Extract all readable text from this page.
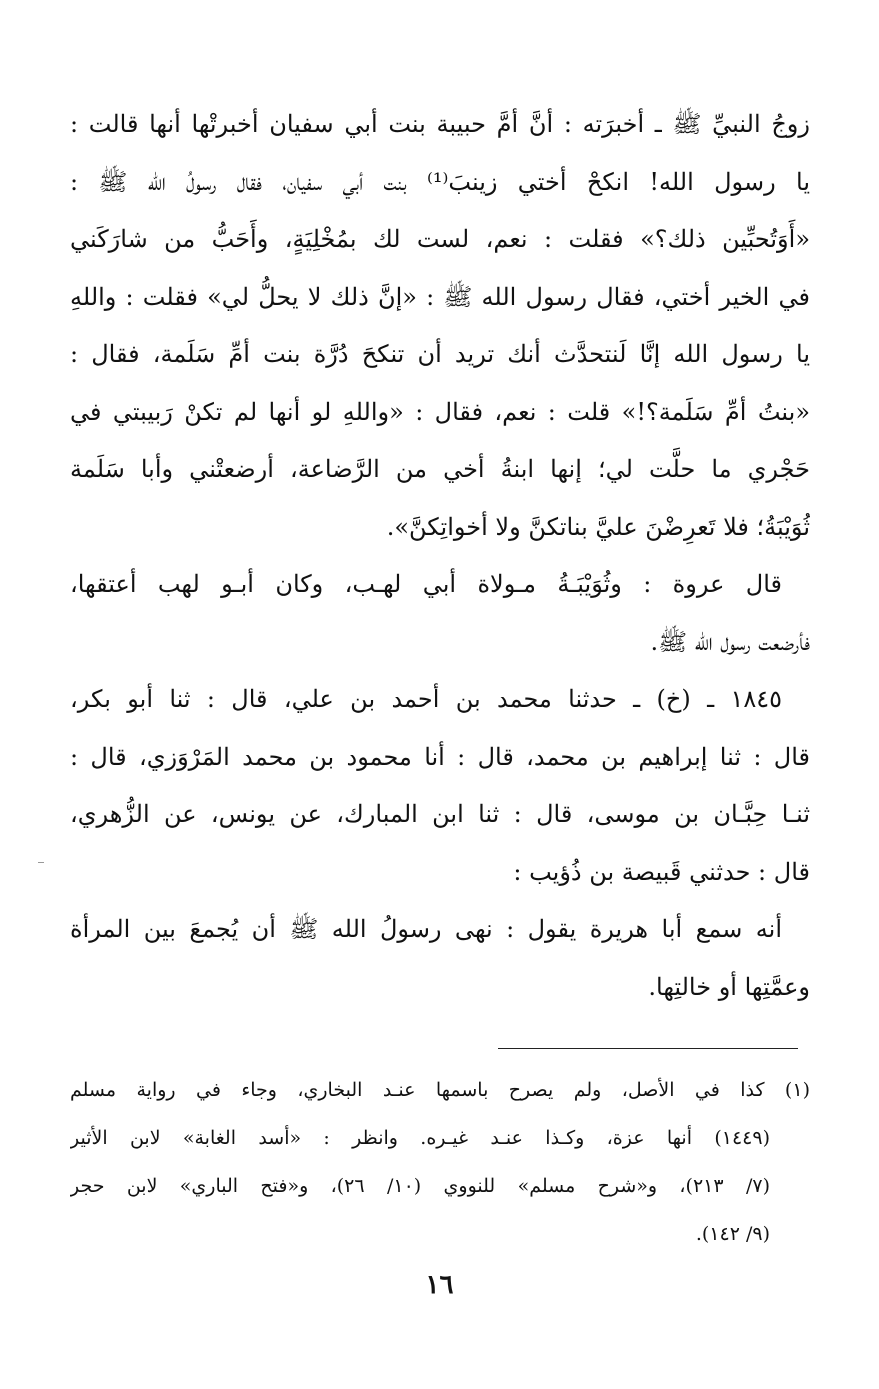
زوجُ النبيِّ ﷺ ـ أخبرَته : أنَّ أمَّ حبيبة بنت أبي سفيان أخبرتْها أنها قالت :
يا رسول الله! انكحْ أختي زينبَ⁽¹⁾ بنت أبي سفيان، فقال رسولُ الله ﷺ :
«أَوَتُحبِّين ذلك؟» فقلت : نعم، لست لك بمُخْلِيَةٍ، وأَحَبُّ من شارَكَني
في الخير أختي، فقال رسول الله ﷺ : «إنَّ ذلك لا يحلُّ لي» فقلت : واللهِ
يا رسول الله إنَّا لَنتحدَّث أنك تريد أن تنكحَ دُرَّة بنت أمِّ سَلَمة، فقال :
«بنتُ أمِّ سَلَمة؟!» قلت : نعم، فقال : «واللهِ لو أنها لم تكنْ رَبيبتي في
حَجْري ما حلَّت لي؛ إنها ابنةُ أخي من الرَّضاعة، أرضعتْني وأبا سَلَمة
ثُوَيْبَةُ؛ فلا تَعرِضْنَ عليَّ بناتكنَّ ولا أخواتِكنَّ».
قال عروة : وثُوَيْبَـةُ مـولاة أبي لهـب، وكان أبـو لهب أعتقها،
فأرضعت رسول الله ﷺ.
١٨٤٥ ـ (خ) ـ حدثنا محمد بن أحمد بن علي، قال : ثنا أبو بكر،
قال : ثنا إبراهيم بن محمد، قال : أنا محمود بن محمد المَرْوَزي، قال :
ثنـا حِبَّـان بن موسى، قال : ثنا ابن المبارك، عن يونس، عن الزُّهري،
قال : حدثني قَبيصة بن ذُؤيب :
أنه سمع أبا هريرة يقول : نهى رسولُ الله ﷺ أن يُجمعَ بين المرأة
وعمَّتِها أو خالتِها.
(١) كذا في الأصل، ولم يصرح باسمها عنـد البخاري، وجاء في رواية مسلم
(١٤٤٩) أنها عزة، وكـذا عنـد غيـره. وانظر : «أسد الغابة» لابن الأثير
(٧/ ٢١٣)، و«شرح مسلم» للنووي (١٠/ ٢٦)، و«فتح الباري» لابن حجر
(٩/ ١٤٢).
١٦
